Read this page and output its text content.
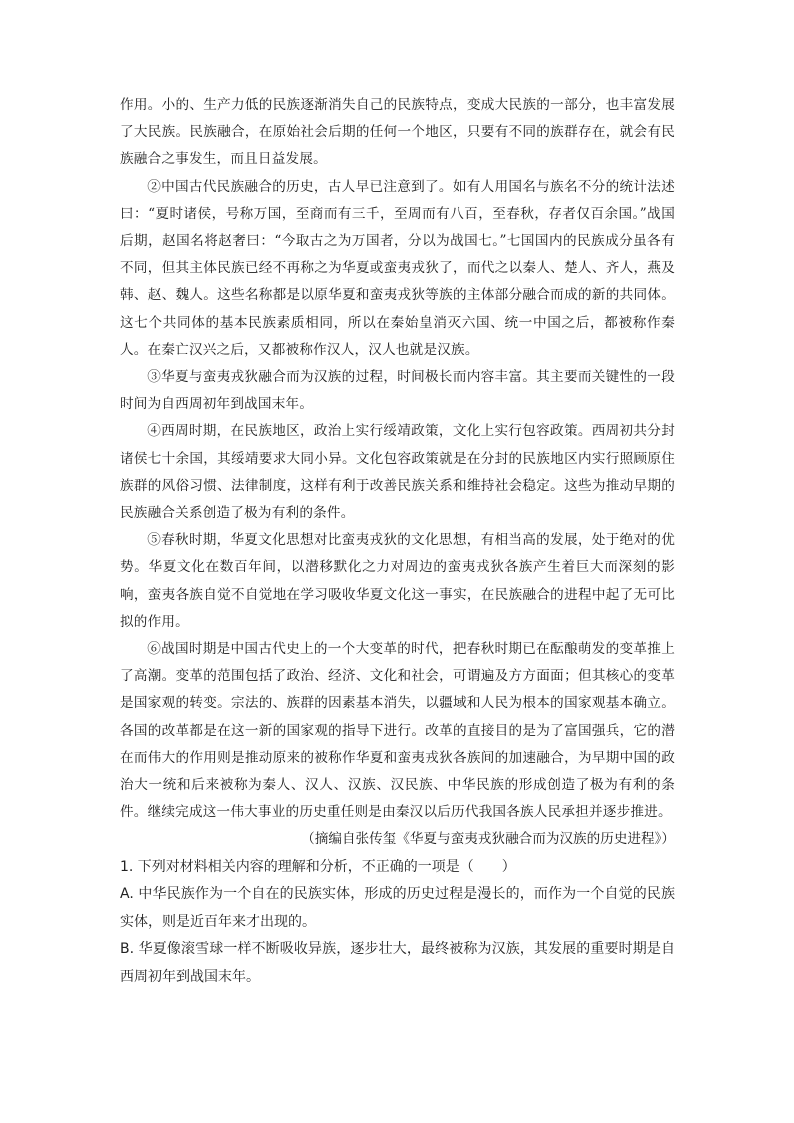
作用。小的、生产力低的民族逐渐消失自己的民族特点，变成大民族的一部分，也丰富发展了大民族。民族融合，在原始社会后期的任何一个地区，只要有不同的族群存在，就会有民族融合之事发生，而且日益发展。

②中国古代民族融合的历史，古人早已注意到了。如有人用国名与族名不分的统计法述曰：“夏时诸侯，号称万国，至商而有三千，至周而有八百，至春秋，存者仅百余国。”战国后期，赵国名将赵奢曰：“今取古之为万国者，分以为战国七。”七国国内的民族成分虽各有不同，但其主体民族已经不再称之为华夏或蛮夷戎狄了，而代之以秦人、楚人、齐人，燕及韩、赵、魏人。这些名称都是以原华夏和蛮夷戎狄等族的主体部分融合而成的新的共同体。这七个共同体的基本民族素质相同，所以在秦始皇消灭六国、统一中国之后，都被称作秦人。在秦亡汉兴之后，又都被称作汉人，汉人也就是汉族。

③华夏与蛮夷戎狄融合而为汉族的过程，时间极长而内容丰富。其主要而关键性的一段时间为自西周初年到战国末年。

④西周时期，在民族地区，政治上实行绥靖政策，文化上实行包容政策。西周初共分封诸侯七十余国，其绥靖要求大同小异。文化包容政策就是在分封的民族地区内实行照顾原住族群的风俗习惯、法律制度，这样有利于改善民族关系和维持社会稳定。这些为推动早期的民族融合关系创造了极为有利的条件。

⑤春秋时期，华夏文化思想对比蛮夷戎狄的文化思想，有相当高的发展，处于绝对的优势。华夏文化在数百年间，以潜移默化之力对周边的蛮夷戎狄各族产生着巨大而深刻的影响，蛮夷各族自觉不自觉地在学习吸收华夏文化这一事实，在民族融合的进程中起了无可比拟的作用。

⑥战国时期是中国古代史上的一个大变革的时代，把春秋时期已在酝酿萌发的变革推上了高潮。变革的范围包括了政治、经济、文化和社会，可谓遍及方方面面；但其核心的变革是国家观的转变。宗法的、族群的因素基本消失，以疆域和人民为根本的国家观基本确立。各国的改革都是在这一新的国家观的指导下进行。改革的直接目的是为了富国强兵，它的潜在而伟大的作用则是推动原来的被称作华夏和蛮夷戎狄各族间的加速融合，为早期中国的政治大一统和后来被称为秦人、汉人、汉族、汉民族、中华民族的形成创造了极为有利的条件。继续完成这一伟大事业的历史重任则是由秦汉以后历代我国各族人民承担并逐步推进。

（摘编自张传玺《华夏与蛮夷戎狄融合而为汉族的历史进程》）

1. 下列对材料相关内容的理解和分析，不正确的一项是（　　）

A. 中华民族作为一个自在的民族实体，形成的历史过程是漫长的，而作为一个自觉的民族实体，则是近百年来才出现的。

B. 华夏像滚雪球一样不断吸收异族，逐步壮大，最终被称为汉族，其发展的重要时期是自西周初年到战国末年。
